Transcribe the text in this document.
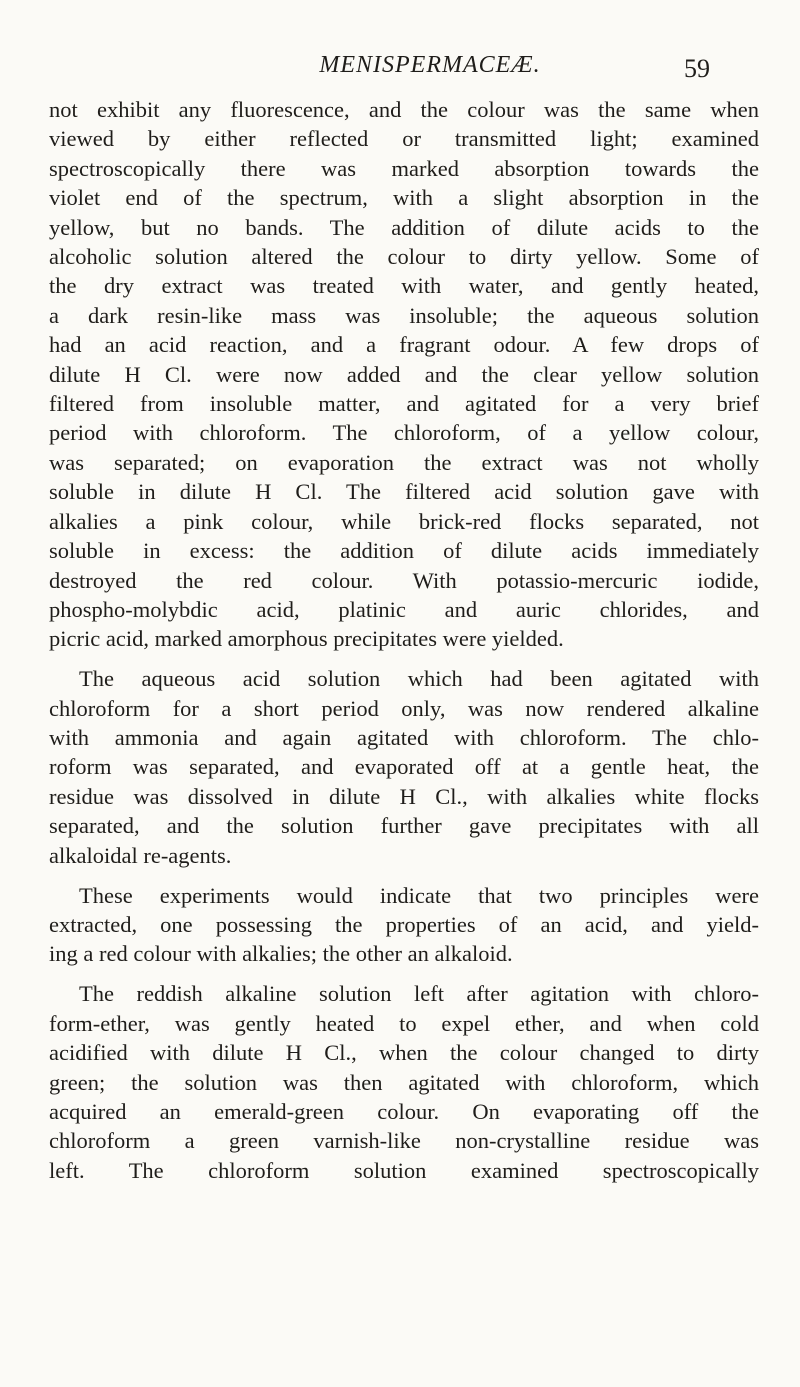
MENISPERMACEÆ.	59
not exhibit any fluorescence, and the colour was the same when
viewed by either reflected or transmitted light; examined
spectroscopically there was marked absorption towards the
violet end of the spectrum, with a slight absorption in the
yellow, but no bands. The addition of dilute acids to the
alcoholic solution altered the colour to dirty yellow. Some of
the dry extract was treated with water, and gently heated,
a dark resin-like mass was insoluble; the aqueous solution
had an acid reaction, and a fragrant odour. A few drops of
dilute H Cl. were now added and the clear yellow solution
filtered from insoluble matter, and agitated for a very brief
period with chloroform. The chloroform, of a yellow colour,
was separated; on evaporation the extract was not wholly
soluble in dilute H Cl. The filtered acid solution gave with
alkalies a pink colour, while brick-red flocks separated, not
soluble in excess: the addition of dilute acids immediately
destroyed the red colour. With potassio-mercuric iodide,
phospho-molybdic acid, platinic and auric chlorides, and
picric acid, marked amorphous precipitates were yielded.
The aqueous acid solution which had been agitated with
chloroform for a short period only, was now rendered alkaline
with ammonia and again agitated with chloroform. The chlo-
roform was separated, and evaporated off at a gentle heat, the
residue was dissolved in dilute H Cl., with alkalies white flocks
separated, and the solution further gave precipitates with all
alkaloidal re-agents.
These experiments would indicate that two principles were
extracted, one possessing the properties of an acid, and yield-
ing a red colour with alkalies; the other an alkaloid.
The reddish alkaline solution left after agitation with chloro-
form-ether, was gently heated to expel ether, and when cold
acidified with dilute H Cl., when the colour changed to dirty
green; the solution was then agitated with chloroform, which
acquired an emerald-green colour. On evaporating off the
chloroform a green varnish-like non-crystalline residue was
left. The chloroform solution examined spectroscopically
